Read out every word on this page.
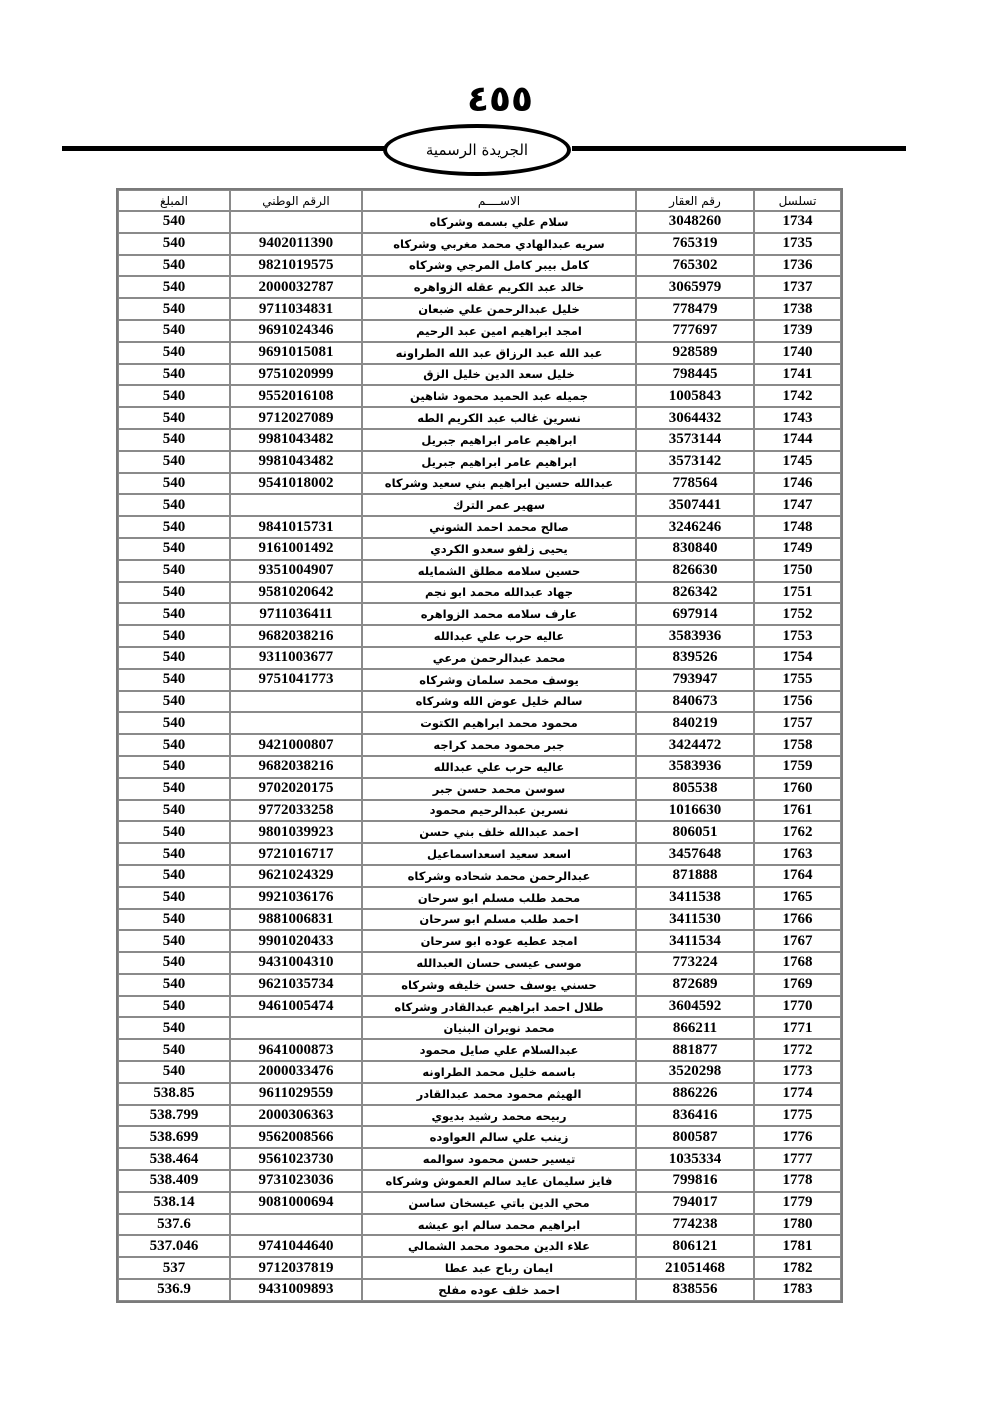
٤٥٥
الجريدة الرسمية
المبلغ	الرقم الوطني	الاســــم	رقم العقار	تسلسل
540		سلام علي بسمه وشركاه	3048260	1734
540	9402011390	سريه عبدالهادي محمد مغربي وشركاه	765319	1735
540	9821019575	كامل بيبر كامل المرجي وشركاه	765302	1736
540	2000032787	خالد عبد الكريم عقله الزواهره	3065979	1737
540	9711034831	خليل عبدالرحمن علي ضبعان	778479	1738
540	9691024346	امجد ابراهيم امين عبد الرحيم	777697	1739
540	9691015081	عبد الله عبد الرزاق عبد الله الطراونه	928589	1740
540	9751020999	خليل سعد الدين خليل الزق	798445	1741
540	9552016108	جميله عبد الحميد محمود شاهين	1005843	1742
540	9712027089	نسرين غالب عبد الكريم الطه	3064432	1743
540	9981043482	ابراهيم عامر ابراهيم جبريل	3573144	1744
540	9981043482	ابراهيم عامر ابراهيم جبريل	3573142	1745
540	9541018002	عبدالله حسين ابراهيم بني سعيد وشركاه	778564	1746
540		سهير عمر الترك	3507441	1747
540	9841015731	صالح محمد احمد الشوني	3246246	1748
540	9161001492	يحيى زلفو سعدو الكردي	830840	1749
540	9351004907	حسين سلامه مطلق الشمايله	826630	1750
540	9581020642	جهاد عبدالله محمد ابو نجم	826342	1751
540	9711036411	عارف سلامه محمد الزواهره	697914	1752
540	9682038216	عاليه حرب علي عبدالله	3583936	1753
540	9311003677	محمد عبدالرحمن مرعي	839526	1754
540	9751041773	يوسف محمد سلمان وشركاه	793947	1755
540		سالم خليل عوض الله وشركاه	840673	1756
540		محمود محمد ابراهيم الكتوت	840219	1757
540	9421000807	جبر محمود محمد كراجه	3424472	1758
540	9682038216	عاليه حرب علي عبدالله	3583936	1759
540	9702020175	سوسن محمد حسن جبر	805538	1760
540	9772033258	نسرين عبدالرحيم محمود	1016630	1761
540	9801039923	احمد عبدالله خلف بني حسن	806051	1762
540	9721016717	اسعد سعيد اسعداسماعيل	3457648	1763
540	9621024329	عبدالرحمن محمد شحاده وشركاه	871888	1764
540	9921036176	محمد طلب مسلم ابو سرحان	3411538	1765
540	9881006831	احمد طلب مسلم ابو سرحان	3411530	1766
540	9901020433	امجد عطيه عوده ابو سرحان	3411534	1767
540	9431004310	موسى عيسى حسان العبدالله	773224	1768
540	9621035734	حسني يوسف حسن خليفه وشركاه	872689	1769
540	9461005474	طلال احمد ابراهيم عبدالقادر وشركاه	3604592	1770
540		محمد نويران البنيان	866211	1771
540	9641000873	عبدالسلام علي صايل محمود	881877	1772
540	2000033476	باسمه خليل محمد الطراونه	3520298	1773
538.85	9611029559	الهيثم محمود محمد عبدالقادر	886226	1774
538.799	2000306363	ربيحه محمد رشيد بديوي	836416	1775
538.699	9562008566	زينب علي سالم العواوده	800587	1776
538.464	9561023730	تيسير حسن محمود سوالمه	1035334	1777
538.409	9731023036	فايز سليمان عايد سالم العموش وشركاه	799816	1778
538.14	9081000694	محي الدين باتي عيسخان ساسن	794017	1779
537.6		ابراهيم محمد سالم ابو عيشه	774238	1780
537.046	9741044640	علاء الدين محمود محمد الشمالي	806121	1781
537	9712037819	ايمان رباح عبد عطا	21051468	1782
536.9	9431009893	احمد خلف عوده مفلح	838556	1783
